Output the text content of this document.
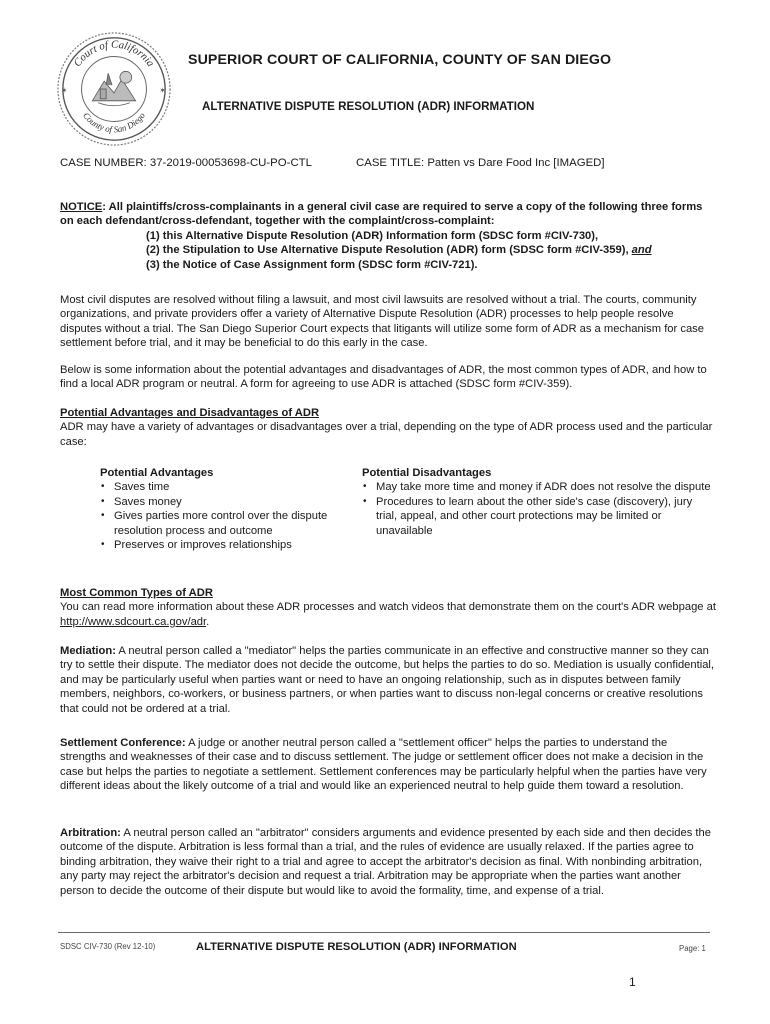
Court of California
County of San Diego
✶	✶
SUPERIOR COURT OF CALIFORNIA, COUNTY OF SAN DIEGO
ALTERNATIVE DISPUTE RESOLUTION (ADR) INFORMATION
CASE NUMBER: 37-2019-00053698-CU-PO-CTL	CASE TITLE: Patten vs Dare Food Inc [IMAGED]
NOTICE: All plaintiffs/cross-complainants in a general civil case are required to serve a copy of the following three forms on each defendant/cross-defendant, together with the complaint/cross-complaint:
(1) this Alternative Dispute Resolution (ADR) Information form (SDSC form #CIV-730),
(2) the Stipulation to Use Alternative Dispute Resolution (ADR) form (SDSC form #CIV-359), and
(3) the Notice of Case Assignment form (SDSC form #CIV-721).
Most civil disputes are resolved without filing a lawsuit, and most civil lawsuits are resolved without a trial. The courts, community organizations, and private providers offer a variety of Alternative Dispute Resolution (ADR) processes to help people resolve disputes without a trial. The San Diego Superior Court expects that litigants will utilize some form of ADR as a mechanism for case settlement before trial, and it may be beneficial to do this early in the case.
Below is some information about the potential advantages and disadvantages of ADR, the most common types of ADR, and how to find a local ADR program or neutral. A form for agreeing to use ADR is attached (SDSC form #CIV-359).
Potential Advantages and Disadvantages of ADR
ADR may have a variety of advantages or disadvantages over a trial, depending on the type of ADR process used and the particular case:
Potential Advantages
• Saves time
• Saves money
• Gives parties more control over the dispute resolution process and outcome
• Preserves or improves relationships
Potential Disadvantages
• May take more time and money if ADR does not resolve the dispute
• Procedures to learn about the other side's case (discovery), jury trial, appeal, and other court protections may be limited or unavailable
Most Common Types of ADR
You can read more information about these ADR processes and watch videos that demonstrate them on the court's ADR webpage at http://www.sdcourt.ca.gov/adr.
Mediation: A neutral person called a "mediator" helps the parties communicate in an effective and constructive manner so they can try to settle their dispute. The mediator does not decide the outcome, but helps the parties to do so. Mediation is usually confidential, and may be particularly useful when parties want or need to have an ongoing relationship, such as in disputes between family members, neighbors, co-workers, or business partners, or when parties want to discuss non-legal concerns or creative resolutions that could not be ordered at a trial.
Settlement Conference: A judge or another neutral person called a "settlement officer" helps the parties to understand the strengths and weaknesses of their case and to discuss settlement. The judge or settlement officer does not make a decision in the case but helps the parties to negotiate a settlement. Settlement conferences may be particularly helpful when the parties have very different ideas about the likely outcome of a trial and would like an experienced neutral to help guide them toward a resolution.
Arbitration: A neutral person called an "arbitrator" considers arguments and evidence presented by each side and then decides the outcome of the dispute. Arbitration is less formal than a trial, and the rules of evidence are usually relaxed. If the parties agree to binding arbitration, they waive their right to a trial and agree to accept the arbitrator's decision as final. With nonbinding arbitration, any party may reject the arbitrator's decision and request a trial. Arbitration may be appropriate when the parties want another person to decide the outcome of their dispute but would like to avoid the formality, time, and expense of a trial.
SDSC CIV-730 (Rev 12-10)	ALTERNATIVE DISPUTE RESOLUTION (ADR) INFORMATION	Page: 1
1
